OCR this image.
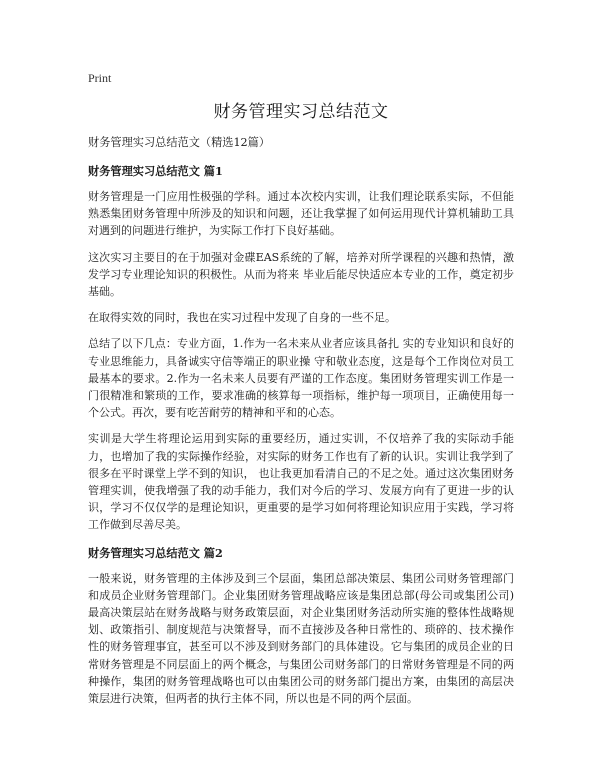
Print

财务管理实习总结范文

财务管理实习总结范文（精选12篇）

财务管理实习总结范文 篇1

财务管理是一门应用性极强的学科。通过本次校内实训，让我们理论联系实际，不但能熟悉集团财务管理中所涉及的知识和问题，还让我掌握了如何运用现代计算机辅助工具对遇到的问题进行维护，为实际工作打下良好基础。

这次实习主要目的在于加强对金碟EAS系统的了解，培养对所学课程的兴趣和热情，激发学习专业理论知识的积极性。从而为将来 毕业后能尽快适应本专业的工作，奠定初步基础。

在取得实效的同时，我也在实习过程中发现了自身的一些不足。

总结了以下几点：专业方面，1.作为一名未来从业者应该具备扎 实的专业知识和良好的专业思维能力，具备诚实守信等端正的职业操 守和敬业态度，这是每个工作岗位对员工最基本的要求。2.作为一名未来人员要有严谨的工作态度。集团财务管理实训工作是一门很精准和繁琐的工作，要求准确的核算每一项指标，维护每一项项目，正确使用每一个公式。再次，要有吃苦耐劳的精神和平和的心态。

实训是大学生将理论运用到实际的重要经历，通过实训，不仅培养了我的实际动手能力，也增加了我的实际操作经验，对实际的财务工作也有了新的认识。实训让我学到了很多在平时课堂上学不到的知识， 也让我更加看清自己的不足之处。通过这次集团财务管理实训，使我增强了我的动手能力，我们对今后的学习、发展方向有了更进一步的认识，学习不仅仅学的是理论知识，更重要的是学习如何将理论知识应用于实践，学习将工作做到尽善尽美。

财务管理实习总结范文 篇2

一般来说，财务管理的主体涉及到三个层面，集团总部决策层、集团公司财务管理部门和成员企业财务管理部门。企业集团财务管理战略应该是集团总部(母公司或集团公司)最高决策层站在财务战略与财务政策层面，对企业集团财务活动所实施的整体性战略规划、政策指引、制度规范与决策督导，而不直接涉及各种日常性的、琐碎的、技术操作性的财务管理事宜，甚至可以不涉及到财务部门的具体建设。它与集团的成员企业的日常财务管理是不同层面上的两个概念，与集团公司财务部门的日常财务管理是不同的两种操作，集团的财务管理战略也可以由集团公司的财务部门提出方案，由集团的高层决策层进行决策，但两者的执行主体不同，所以也是不同的两个层面。
